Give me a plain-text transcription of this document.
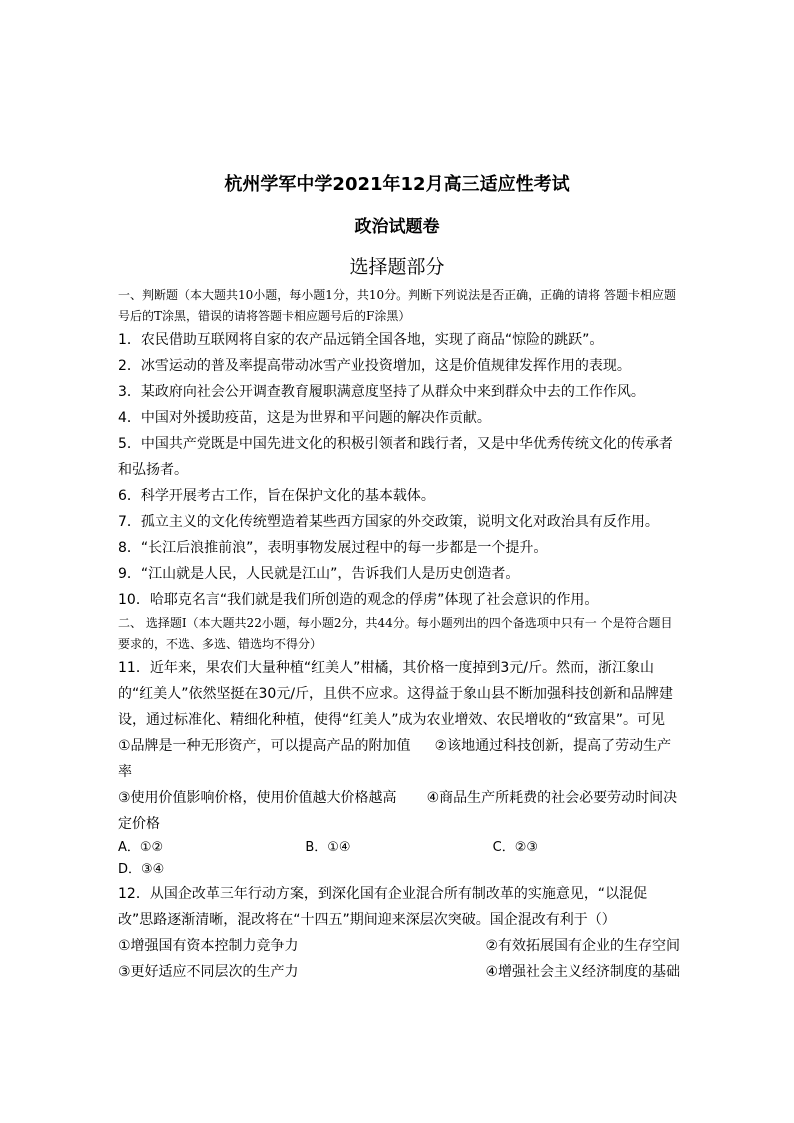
杭州学军中学2021年12月高三适应性考试
政治试题卷
选择题部分
一、判断题（本大题共10小题，每小题1分，共10分。判断下列说法是否正确，正确的请将 答题卡相应题号后的T涂黑，错误的请将答题卡相应题号后的F涂黑）
1．农民借助互联网将自家的农产品远销全国各地，实现了商品“惊险的跳跃”。
2．冰雪运动的普及率提高带动冰雪产业投资增加，这是价值规律发挥作用的表现。
3．某政府向社会公开调查教育履职满意度坚持了从群众中来到群众中去的工作作风。
4．中国对外援助疫苗，这是为世界和平问题的解决作贡献。
5．中国共产党既是中国先进文化的积极引领者和践行者，又是中华优秀传统文化的传承者和弘扬者。
6．科学开展考古工作，旨在保护文化的基本载体。
7．孤立主义的文化传统塑造着某些西方国家的外交政策，说明文化对政治具有反作用。
8．“长江后浪推前浪”，表明事物发展过程中的每一步都是一个提升。
9．“江山就是人民，人民就是江山”，告诉我们人是历史创造者。
10．哈耶克名言“我们就是我们所创造的观念的俘虏”体现了社会意识的作用。
二、 选择题Ⅰ（本大题共22小题，每小题2分，共44分。每小题列出的四个备选项中只有一 个是符合题目要求的，不选、多选、错选均不得分）
11．近年来，果农们大量种植“红美人”柑橘，其价格一度掉到3元/斤。然而，浙江象山的“红美人”依然坚挺在30元/斤，且供不应求。这得益于象山县不断加强科技创新和品牌建设，通过标准化、精细化种植，使得“红美人”成为农业增效、农民增收的“致富果”。可见
①品牌是一种无形资产，可以提高产品的附加值 ②该地通过科技创新，提高了劳动生产率
③使用价值影响价格，使用价值越大价格越高 ④商品生产所耗费的社会必要劳动时间决定价格
A．①②	B．①④	C．②③
D．③④
12．从国企改革三年行动方案，到深化国有企业混合所有制改革的实施意见，“以混促改”思路逐渐清晰，混改将在“十四五”期间迎来深层次突破。国企混改有利于（）
①增强国有资本控制力竞争力	②有效拓展国有企业的生存空间
③更好适应不同层次的生产力	④增强社会主义经济制度的基础
